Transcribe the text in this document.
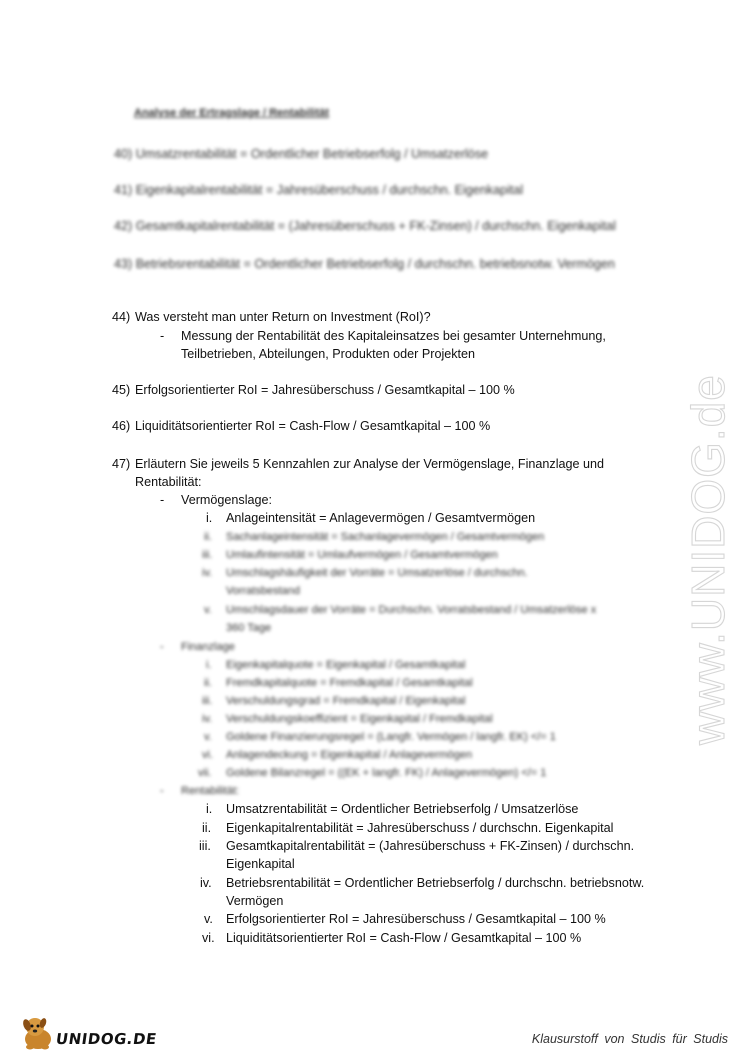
Analyse der Ertragslage / Rentabilität
40) Umsatzrentabilität = Ordentlicher Betriebserfolg / Umsatzerlöse
41) Eigenkapitalrentabilität = Jahresüberschuss / durchschn. Eigenkapital
42) Gesamtkapitalrentabilität = (Jahresüberschuss + FK-Zinsen) / durchschn. Eigenkapital
43) Betriebsrentabilität = Ordentlicher Betriebserfolg / durchschn. betriebsnotw. Vermögen
44) Was versteht man unter Return on Investment (RoI)?
- Messung der Rentabilität des Kapitaleinsatzes bei gesamter Unternehmung,
Teilbetrieben, Abteilungen, Produkten oder Projekten
45) Erfolgsorientierter RoI = Jahresüberschuss / Gesamtkapital – 100 %
46) Liquiditätsorientierter RoI = Cash-Flow / Gesamtkapital – 100 %
47) Erläutern Sie jeweils 5 Kennzahlen zur Analyse der Vermögenslage, Finanzlage und
Rentabilität:
- Vermögenslage:
i. Anlageintensität = Anlagevermögen / Gesamtvermögen
ii. Sachanlageintensität = Sachanlagevermögen / Gesamtvermögen
iii. Umlaufintensität = Umlaufvermögen / Gesamtvermögen
iv. Umschlagshäufigkeit der Vorräte = Umsatzerlöse / durchschn.
Vorratsbestand
v. Umschlagsdauer der Vorräte = Durchschn. Vorratsbestand / Umsatzerlöse x
360 Tage
- Finanzlage
i. Eigenkapitalquote = Eigenkapital / Gesamtkapital
ii. Fremdkapitalquote = Fremdkapital / Gesamtkapital
iii. Verschuldungsgrad = Fremdkapital / Eigenkapital
iv. Verschuldungskoeffizient = Eigenkapital / Fremdkapital
v. Goldene Finanzierungsregel = (Langfr. Vermögen / langfr. EK) </= 1
vi. Anlagendeckung = Eigenkapital / Anlagevermögen
vii. Goldene Bilanzregel = ((EK + langfr. FK) / Anlagevermögen) </= 1
- Rentabilität:
i. Umsatzrentabilität = Ordentlicher Betriebserfolg / Umsatzerlöse
ii. Eigenkapitalrentabilität = Jahresüberschuss / durchschn. Eigenkapital
iii. Gesamtkapitalrentabilität = (Jahresüberschuss + FK-Zinsen) / durchschn.
Eigenkapital
iv. Betriebsrentabilität = Ordentlicher Betriebserfolg / durchschn. betriebsnotw.
Vermögen
v. Erfolgsorientierter RoI = Jahresüberschuss / Gesamtkapital – 100 %
vi. Liquiditätsorientierter RoI = Cash-Flow / Gesamtkapital – 100 %
www.UNIDOG.de
UNIDOG.DE	Klausurstoff von Studis für Studis
